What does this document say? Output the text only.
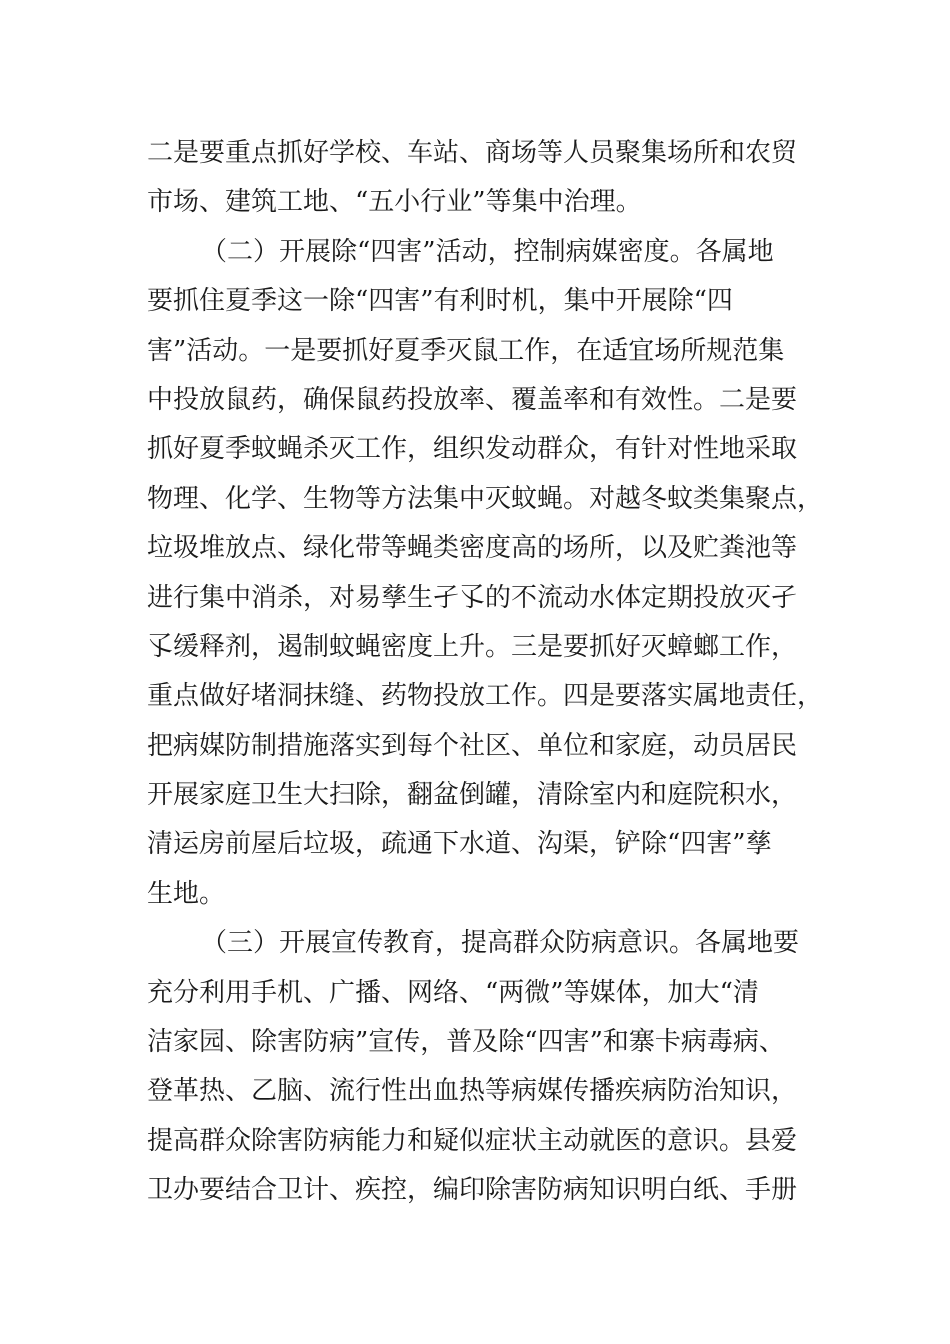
二是要重点抓好学校、车站、商场等人员聚集场所和农贸
市场、建筑工地、“五小行业”等集中治理。
（二）开展除“四害”活动，控制病媒密度。各属地
要抓住夏季这一除“四害”有利时机，集中开展除“四
害”活动。一是要抓好夏季灭鼠工作，在适宜场所规范集
中投放鼠药，确保鼠药投放率、覆盖率和有效性。二是要
抓好夏季蚊蝇杀灭工作，组织发动群众，有针对性地采取
物理、化学、生物等方法集中灭蚊蝇。对越冬蚊类集聚点，
垃圾堆放点、绿化带等蝇类密度高的场所，以及贮粪池等
进行集中消杀，对易孳生孑孓的不流动水体定期投放灭孑
孓缓释剂，遏制蚊蝇密度上升。三是要抓好灭蟑螂工作，
重点做好堵洞抹缝、药物投放工作。四是要落实属地责任，
把病媒防制措施落实到每个社区、单位和家庭，动员居民
开展家庭卫生大扫除，翻盆倒罐，清除室内和庭院积水，
清运房前屋后垃圾，疏通下水道、沟渠，铲除“四害”孳
生地。
（三）开展宣传教育，提高群众防病意识。各属地要
充分利用手机、广播、网络、“两微”等媒体，加大“清
洁家园、除害防病”宣传，普及除“四害”和寨卡病毒病、
登革热、乙脑、流行性出血热等病媒传播疾病防治知识，
提高群众除害防病能力和疑似症状主动就医的意识。县爱
卫办要结合卫计、疾控，编印除害防病知识明白纸、手册
